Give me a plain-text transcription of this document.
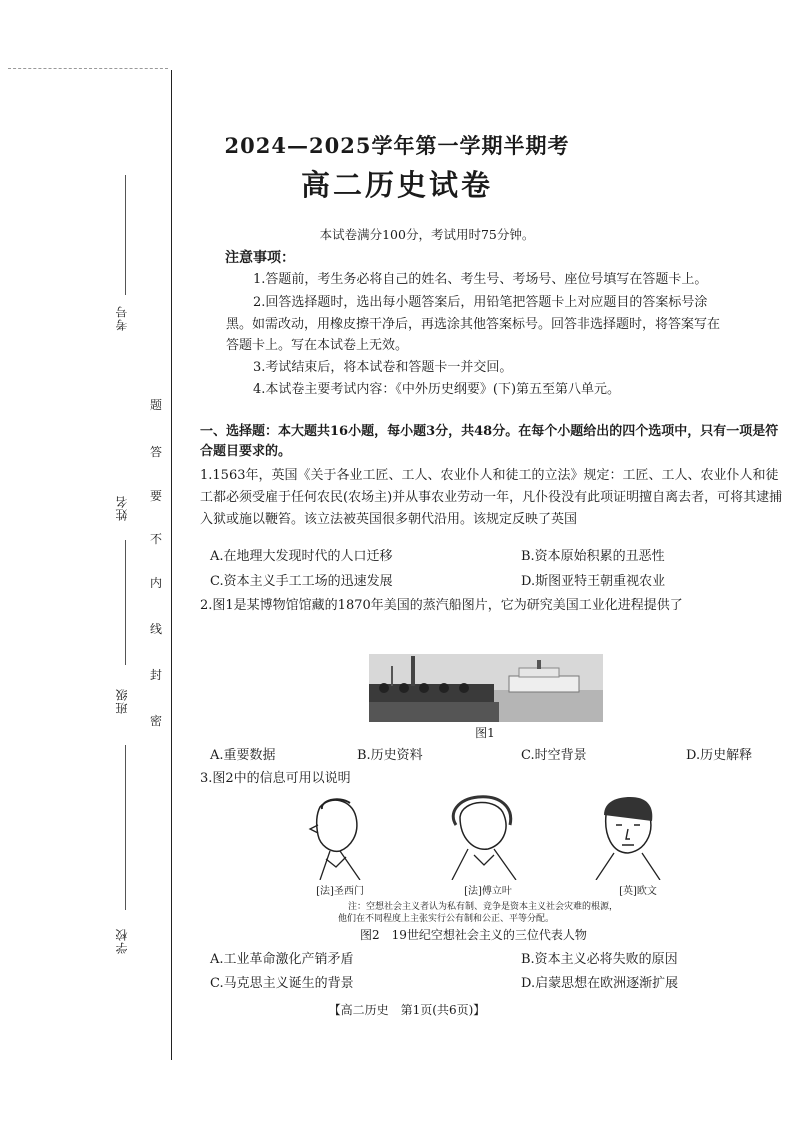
考号
姓名
班级
学校
密
封
线
内
不
要
答
题
2024—2025学年第一学期半期考
高二历史试卷
本试卷满分100分，考试用时75分钟。
注意事项：
1.答题前，考生务必将自己的姓名、考生号、考场号、座位号填写在答题卡上。
2.回答选择题时，选出每小题答案后，用铅笔把答题卡上对应题目的答案标号涂
黑。如需改动，用橡皮擦干净后，再选涂其他答案标号。回答非选择题时，将答案写在
答题卡上。写在本试卷上无效。
3.考试结束后，将本试卷和答题卡一并交回。
4.本试卷主要考试内容：《中外历史纲要》(下)第五至第八单元。
一、选择题：本大题共16小题，每小题3分，共48分。在每个小题给出的四个选项中，只有一项是符合题目要求的。
1.1563年，英国《关于各业工匠、工人、农业仆人和徒工的立法》规定：工匠、工人、农业仆人和徒工都必须受雇于任何农民(农场主)并从事农业劳动一年，凡仆役没有此项证明擅自离去者，可将其逮捕入狱或施以鞭笞。该立法被英国很多朝代沿用。该规定反映了英国
A.在地理大发现时代的人口迁移	B.资本原始积累的丑恶性
C.资本主义手工工场的迅速发展	D.斯图亚特王朝重视农业
2.图1是某博物馆馆藏的1870年美国的蒸汽船图片，它为研究美国工业化进程提供了
图1
A.重要数据	B.历史资料	C.时空背景	D.历史解释
3.图2中的信息可用以说明
[法]圣西门	[法]傅立叶	[英]欧文
注：空想社会主义者认为私有制、竞争是资本主义社会灾难的根源，
他们在不同程度上主张实行公有制和公正、平等分配。
图2　19世纪空想社会主义的三位代表人物
A.工业革命激化产销矛盾	B.资本主义必将失败的原因
C.马克思主义诞生的背景	D.启蒙思想在欧洲逐渐扩展
【高二历史　第1页(共6页)】
